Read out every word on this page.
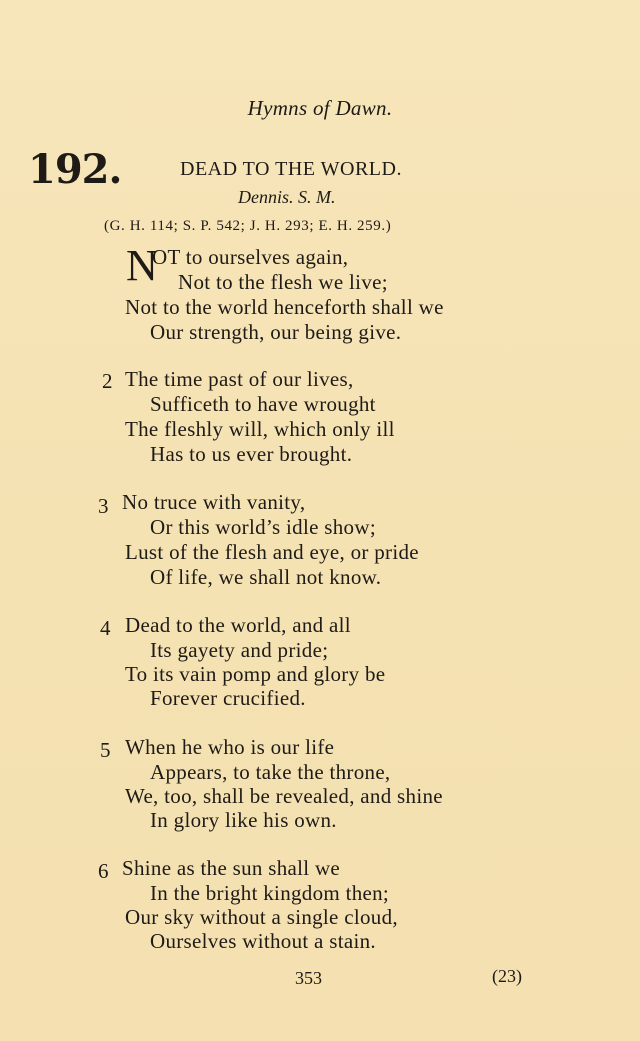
Hymns of Dawn.
192.	DEAD TO THE WORLD.
Dennis. S. M.
(G. H. 114; S. P. 542; J. H. 293; E. H. 259.)
N
OT to ourselves again,
Not to the flesh we live;
Not to the world henceforth shall we
Our strength, our being give.
2 The time past of our lives,
Sufficeth to have wrought
The fleshly will, which only ill
Has to us ever brought.
3 No truce with vanity,
Or this world’s idle show;
Lust of the flesh and eye, or pride
Of life, we shall not know.
4 Dead to the world, and all
Its gayety and pride;
To its vain pomp and glory be
Forever crucified.
5 When he who is our life
Appears, to take the throne,
We, too, shall be revealed, and shine
In glory like his own.
6 Shine as the sun shall we
In the bright kingdom then;
Our sky without a single cloud,
Ourselves without a stain.
353	(23)
